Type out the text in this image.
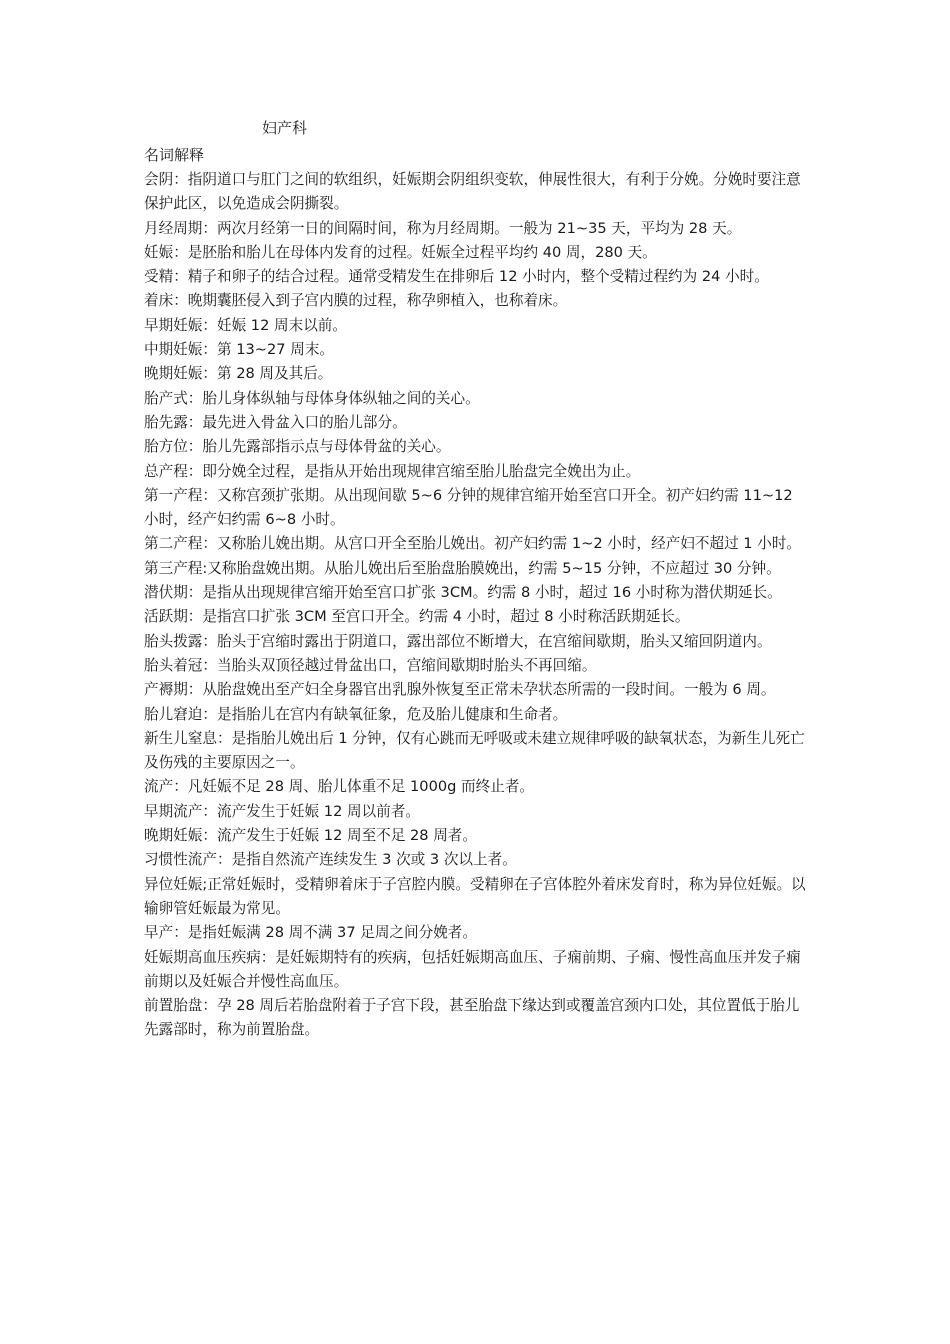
妇产科
名词解释

会阴：指阴道口与肛门之间的软组织，妊娠期会阴组织变软，伸展性很大，有利于分娩。分娩时要注意保护此区，以免造成会阴撕裂。

月经周期：两次月经第一日的间隔时间，称为月经周期。一般为 21~35 天，平均为 28 天。

妊娠：是胚胎和胎儿在母体内发育的过程。妊娠全过程平均约 40 周，280 天。

受精：精子和卵子的结合过程。通常受精发生在排卵后 12 小时内，整个受精过程约为 24 小时。

着床：晚期囊胚侵入到子宫内膜的过程，称孕卵植入，也称着床。

早期妊娠：妊娠 12 周末以前。

中期妊娠：第 13~27 周末。

晚期妊娠：第 28 周及其后。

胎产式：胎儿身体纵轴与母体身体纵轴之间的关心。

胎先露：最先进入骨盆入口的胎儿部分。

胎方位：胎儿先露部指示点与母体骨盆的关心。

总产程：即分娩全过程，是指从开始出现规律宫缩至胎儿胎盘完全娩出为止。

第一产程：又称宫颈扩张期。从出现间歇 5~6 分钟的规律宫缩开始至宫口开全。初产妇约需 11~12 小时，经产妇约需 6~8 小时。

第二产程：又称胎儿娩出期。从宫口开全至胎儿娩出。初产妇约需 1~2 小时，经产妇不超过 1 小时。

第三产程:又称胎盘娩出期。从胎儿娩出后至胎盘胎膜娩出，约需 5~15 分钟，不应超过 30 分钟。

潜伏期：是指从出现规律宫缩开始至宫口扩张 3CM。约需 8 小时，超过 16 小时称为潜伏期延长。

活跃期：是指宫口扩张 3CM 至宫口开全。约需 4 小时，超过 8 小时称活跃期延长。

胎头拨露：胎头于宫缩时露出于阴道口，露出部位不断增大，在宫缩间歇期，胎头又缩回阴道内。

胎头着冠：当胎头双顶径越过骨盆出口，宫缩间歇期时胎头不再回缩。

产褥期：从胎盘娩出至产妇全身器官出乳腺外恢复至正常未孕状态所需的一段时间。一般为 6 周。

胎儿窘迫：是指胎儿在宫内有缺氧征象，危及胎儿健康和生命者。

新生儿窒息：是指胎儿娩出后 1 分钟，仅有心跳而无呼吸或未建立规律呼吸的缺氧状态，为新生儿死亡及伤残的主要原因之一。

流产：凡妊娠不足 28 周、胎儿体重不足 1000g 而终止者。

早期流产：流产发生于妊娠 12 周以前者。

晚期妊娠：流产发生于妊娠 12 周至不足 28 周者。

习惯性流产：是指自然流产连续发生 3 次或 3 次以上者。

异位妊娠;正常妊娠时，受精卵着床于子宫腔内膜。受精卵在子宫体腔外着床发育时，称为异位妊娠。以输卵管妊娠最为常见。

早产：是指妊娠满 28 周不满 37 足周之间分娩者。

妊娠期高血压疾病：是妊娠期特有的疾病，包括妊娠期高血压、子痫前期、子痫、慢性高血压并发子痫前期以及妊娠合并慢性高血压。

前置胎盘：孕 28 周后若胎盘附着于子宫下段，甚至胎盘下缘达到或覆盖宫颈内口处，其位置低于胎儿先露部时，称为前置胎盘。
